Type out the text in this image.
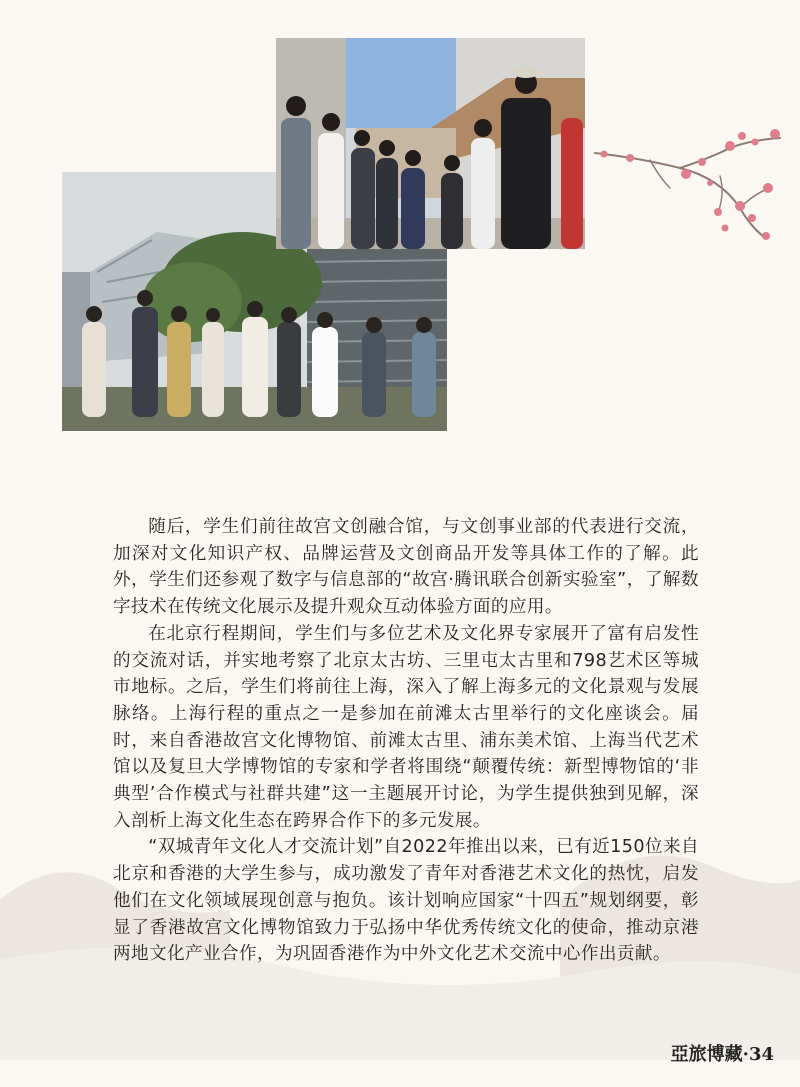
随后，学生们前往故宫文创融合馆，与文创事业部的代表进行交流，加深对文化知识产权、品牌运营及文创商品开发等具体工作的了解。此外，学生们还参观了数字与信息部的“故宫·腾讯联合创新实验室”，了解数字技术在传统文化展示及提升观众互动体验方面的应用。

在北京行程期间，学生们与多位艺术及文化界专家展开了富有启发性的交流对话，并实地考察了北京太古坊、三里屯太古里和798艺术区等城市地标。之后，学生们将前往上海，深入了解上海多元的文化景观与发展脉络。上海行程的重点之一是参加在前滩太古里举行的文化座谈会。届时，来自香港故宫文化博物馆、前滩太古里、浦东美术馆、上海当代艺术馆以及复旦大学博物馆的专家和学者将围绕“颠覆传统：新型博物馆的‘非典型’合作模式与社群共建”这一主题展开讨论，为学生提供独到见解，深入剖析上海文化生态在跨界合作下的多元发展。

“双城青年文化人才交流计划”自2022年推出以来，已有近150位来自北京和香港的大学生参与，成功激发了青年对香港艺术文化的热忱，启发他们在文化领域展现创意与抱负。该计划响应国家“十四五”规划纲要，彰显了香港故宫文化博物馆致力于弘扬中华优秀传统文化的使命，推动京港两地文化产业合作，为巩固香港作为中外文化艺术交流中心作出贡献。

亞旅博藏·34
